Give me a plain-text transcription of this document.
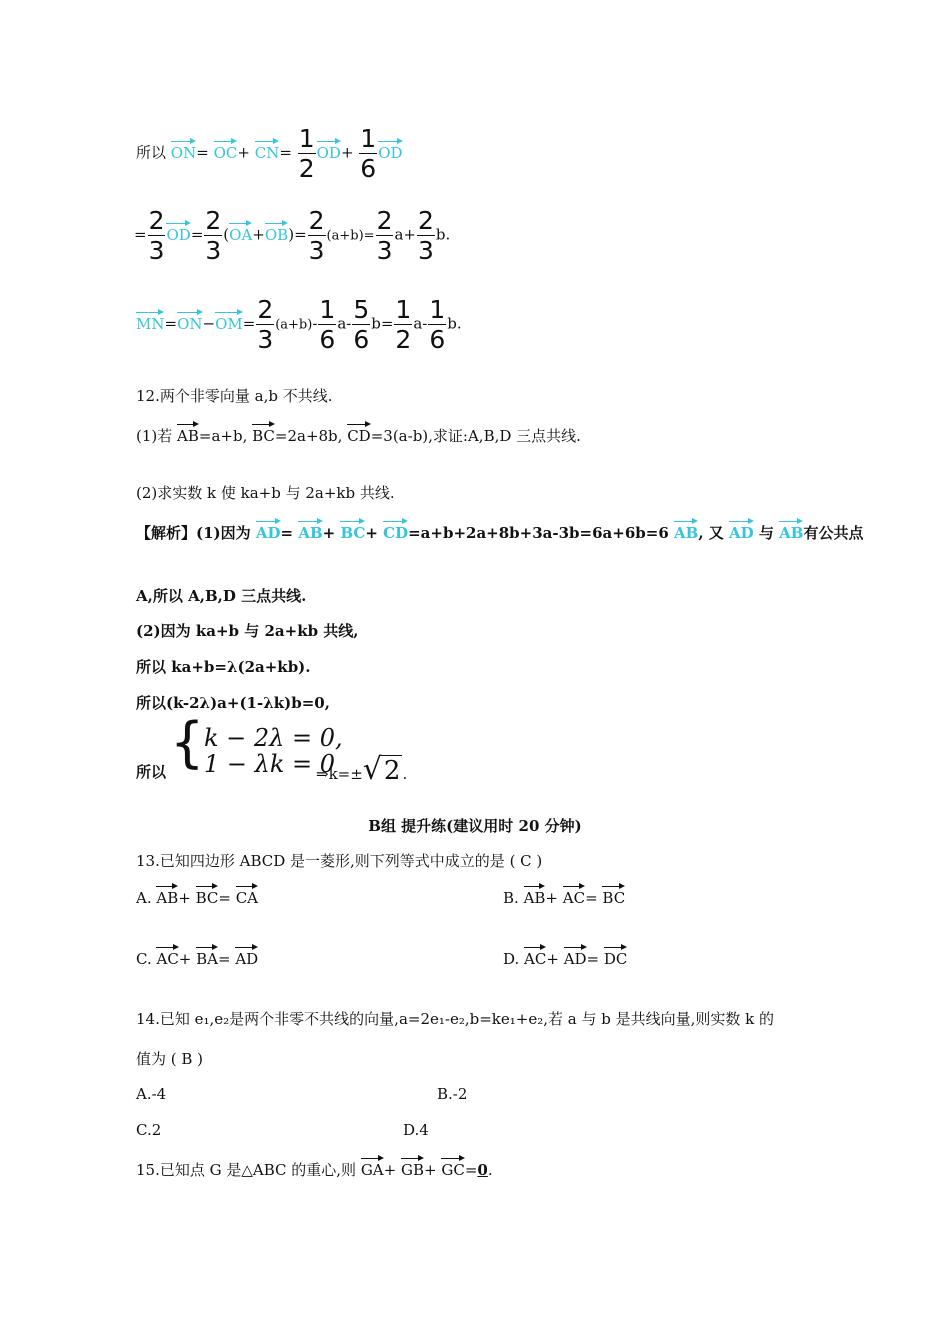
所以 $ON= OC+ CN= \frac{1}{2} OD+ \frac{1}{6}$ OD
= $\frac{2}{3} OD= \frac{2}{3} (OA+OB)= \frac{2}{3} (a+b)= \frac{2}{3} a+ \frac{2}{3} b$.
$MN=ON-OM= \frac{2}{3} (a+b)- \frac{1}{6} a- \frac{5}{6} b= \frac{1}{2} a- \frac{1}{6} b$.
12.两个非零向量 a,b 不共线.
(1)若 AB=a+b, BC=2a+8b, CD=3(a-b),求证:A,B,D 三点共线.
(2)求实数 k 使 ka+b 与 2a+kb 共线.
【解析】(1)因为 AD= AB+ BC+ CD=a+b+2a+8b+3a-3b=6a+6b=6 AB, 又 AD 与 AB有公共点
A,所以 A,B,D 三点共线.
(2)因为 ka+b 与 2a+kb 共线,
所以 ka+b=λ(2a+kb).
所以(k-2λ)a+(1-λk)b=0,
所以 { k − 2λ = 0,
1 − λk = 0
⇒k=±√2 .
B组 提升练(建议用时 20 分钟)
13.已知四边形 ABCD 是一菱形,则下列等式中成立的是 ( C )
A. AB+ BC= CA	B. AB+ AC= BC
C. AC+ BA= AD	D. AC+ AD= DC
14.已知 e₁,e₂是两个非零不共线的向量,a=2e₁-e₂,b=ke₁+e₂,若 a 与 b 是共线向量,则实数 k 的
值为 ( B )
A.-4	B.-2
C.2	D.4
15.已知点 G 是△ABC 的重心,则 GA+ GB+ GC=0.
